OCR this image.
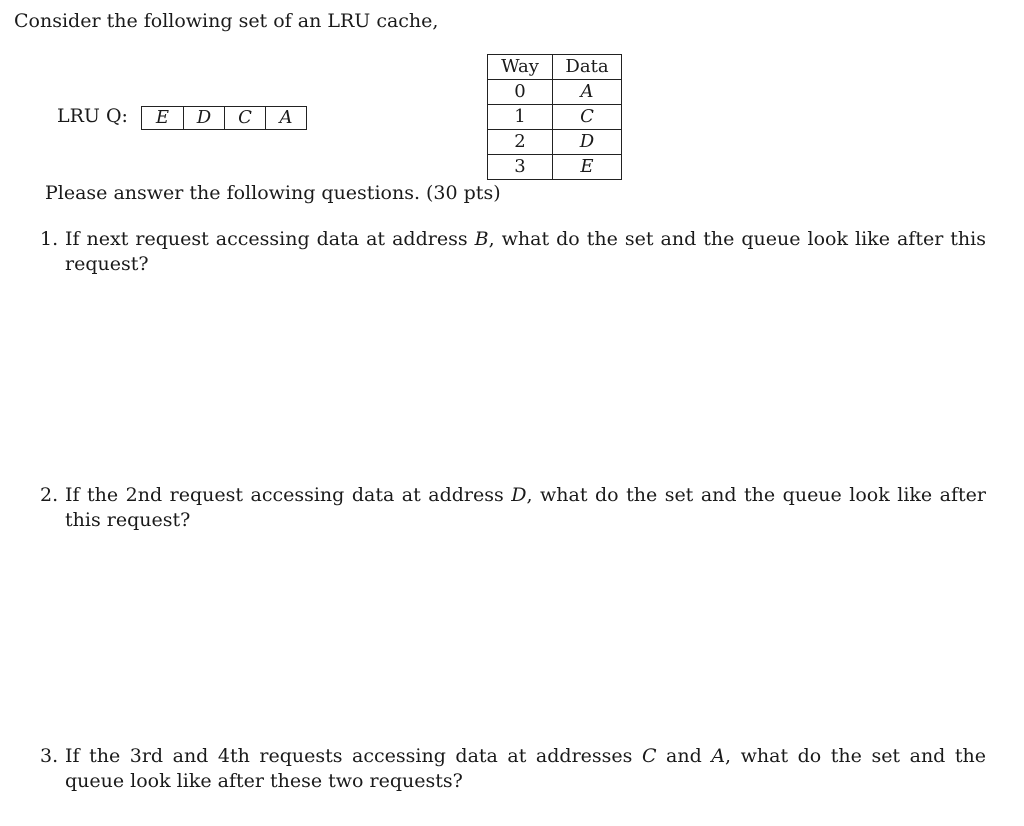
Consider the following set of an LRU cache,
LRU Q:	E	D	C	A
Way	Data
0	A
1	C
2	D
3	E
Please answer the following questions. (30 pts)
1. If next request accessing data at address B, what do the set and the queue look like after this request?
2. If the 2nd request accessing data at address D, what do the set and the queue look like after this request?
3. If the 3rd and 4th requests accessing data at addresses C and A, what do the set and the queue look like after these two requests?
